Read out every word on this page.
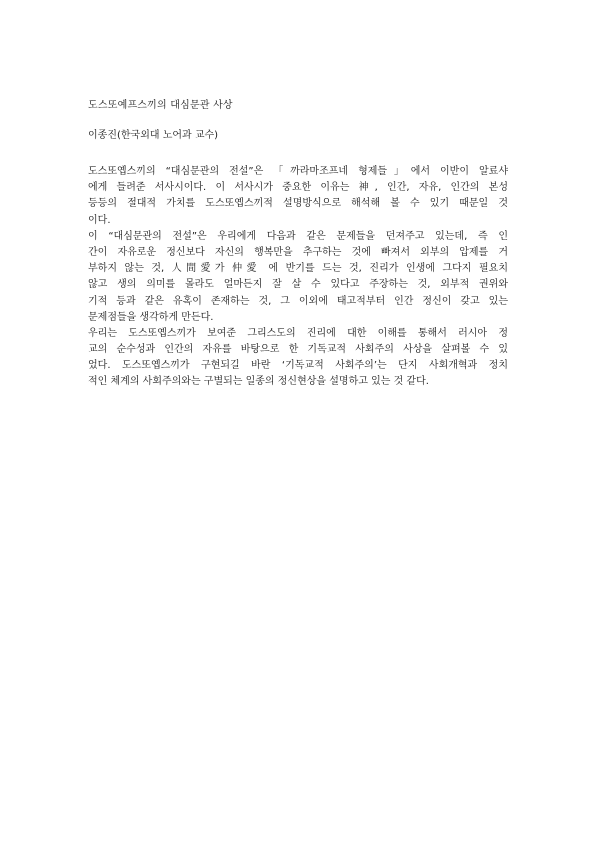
도스또예프스끼의 대심문관 사상
이종진(한국외대 노어과 교수)
도스또옙스끼의 “대심문관의 전설”은 「까라마조프네 형제들」에서 이반이 알료샤
에게 들려준 서사시이다. 이 서사시가 중요한 이유는 神, 인간, 자유, 인간의 본성
등등의 절대적 가치를 도스또옙스끼적 설명방식으로 해석해 볼 수 있기 때문일 것
이다.
이 “대심문관의 전설”은 우리에게 다음과 같은 문제들을 던져주고 있는데, 즉 인
간이 자유로운 정신보다 자신의 행복만을 추구하는 것에 빠져서 외부의 압제를 거
부하지 않는 것, 人間愛가 仲愛 에 반기를 드는 것, 진리가 인생에 그다지 필요치
않고 생의 의미를 몰라도 얼마든지 잘 살 수 있다고 주장하는 것, 외부적 권위와
기적 등과 같은 유혹이 존재하는 것, 그 이외에 태고적부터 인간 정신이 갖고 있는
문제점들을 생각하게 만든다.
우리는 도스또옙스끼가 보여준 그리스도의 진리에 대한 이해를 통해서 러시아 정
교의 순수성과 인간의 자유를 바탕으로 한 기독교적 사회주의 사상을 살펴볼 수 있
었다. 도스또옙스끼가 구현되길 바란 ‘기독교적 사회주의’는 단지 사회개혁과 정치
적인 체계의 사회주의와는 구별되는 일종의 정신현상을 설명하고 있는 것 같다.
